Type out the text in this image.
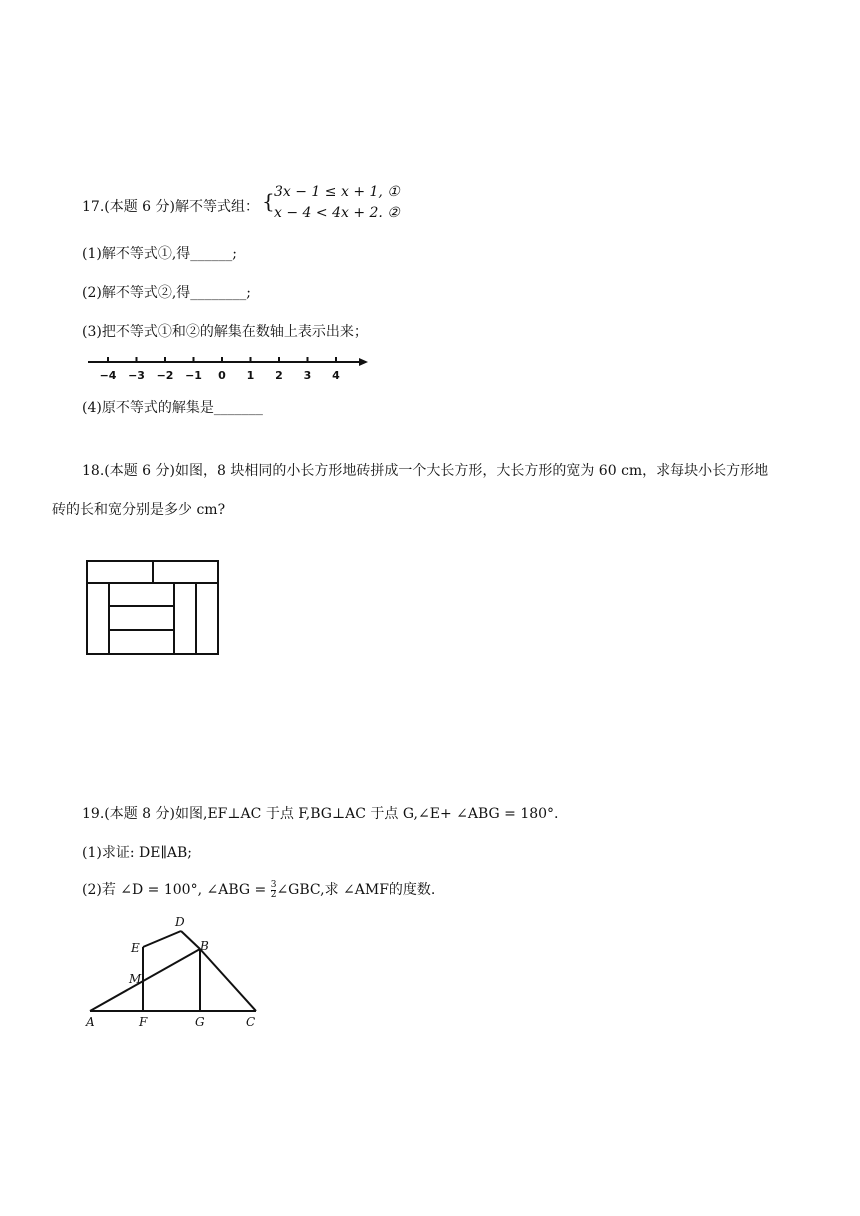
17.(本题 6 分)解不等式组： { 3x − 1 ≤ x + 1, ①
x − 4 < 4x + 2. ②
(1)解不等式①,得______;
(2)解不等式②,得________;
(3)把不等式①和②的解集在数轴上表示出来；
−4 −3 −2 −1 0 1 2 3 4
(4)原不等式的解集是_______
18.(本题 6 分)如图，8 块相同的小长方形地砖拼成一个大长方形，大长方形的宽为 60 cm，求每块小长方形地
砖的长和宽分别是多少 cm?
19.(本题 8 分)如图,EF⊥AC 于点 F,BG⊥AC 于点 G,∠E+ ∠ABG = 180°.
(1)求证: DE∥AB;
(2)若 ∠D = 100°, ∠ABG = $\frac{3}{2}$ ∠GBC,求 ∠AMF的度数.
D
E	B
M
A	F	G	C
